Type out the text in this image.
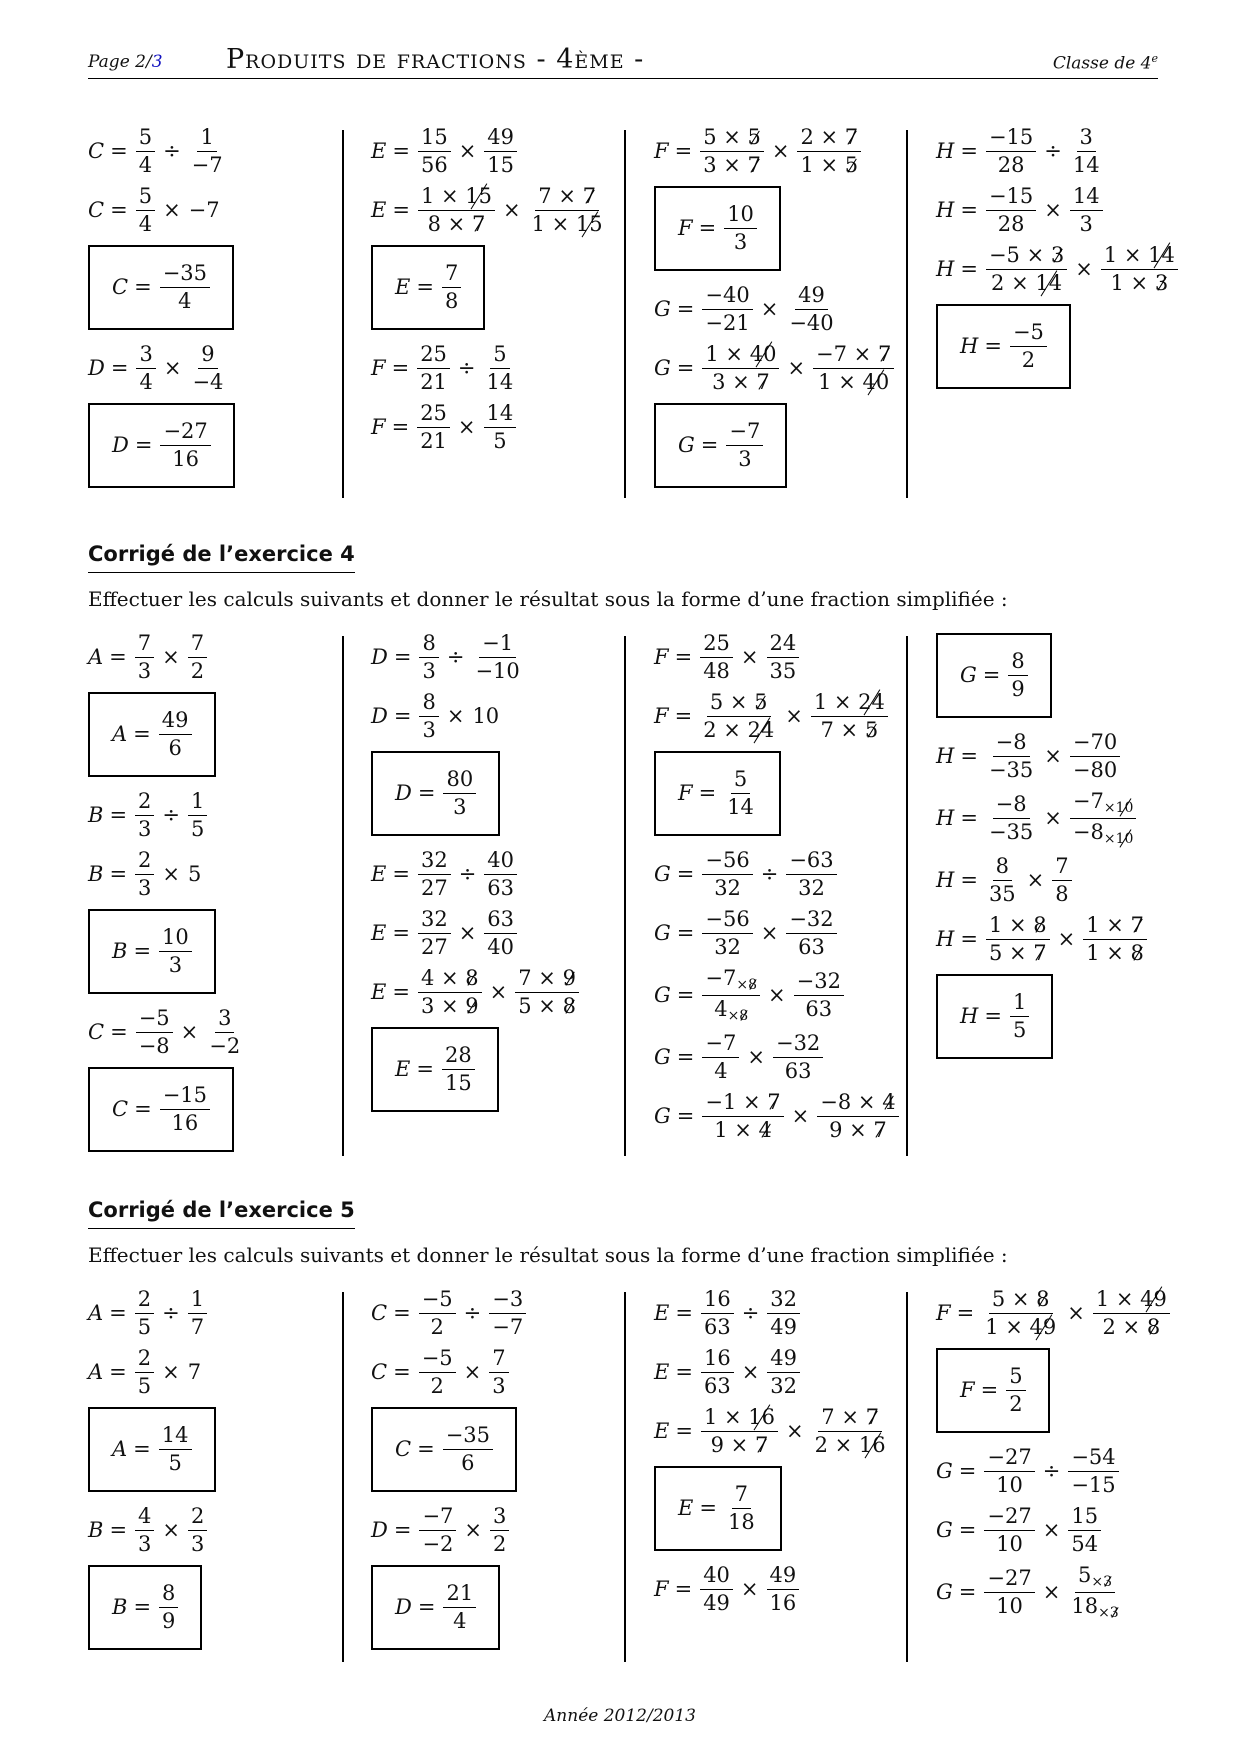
Page 2/3 Produits de fractions - 4ème -	Classe de 4e
$C = \frac{5}{4} \div \frac{1}{-7}$
$C = \frac{5}{4} \times -7$
$C = \frac{-35}{4}$
$D = \frac{3}{4} \times \frac{9}{-4}$
$D = \frac{-27}{16}$
$E = \frac{15}{56} \times \frac{49}{15}$
$E = \frac{1 \times 15}{8 \times 7} \times \frac{7 \times 7}{1 \times 15}$
$E = \frac{7}{8}$
$F = \frac{25}{21} \div \frac{5}{14}$
$F = \frac{25}{21} \times \frac{14}{5}$
$F = \frac{5 \times 5}{3 \times 7} \times \frac{2 \times 7}{1 \times 5}$
$F = \frac{10}{3}$
$G = \frac{-40}{-21} \times \frac{49}{-40}$
$G = \frac{1 \times 40}{3 \times 7} \times \frac{-7 \times 7}{1 \times 40}$
$G = \frac{-7}{3}$
$H = \frac{-15}{28} \div \frac{3}{14}$
$H = \frac{-15}{28} \times \frac{14}{3}$
$H = \frac{-5 \times 3}{2 \times 14} \times \frac{1 \times 14}{1 \times 3}$
$H = \frac{-5}{2}$
Corrigé de l’exercice 4
Effectuer les calculs suivants et donner le résultat sous la forme d’une fraction simplifiée :
$A = \frac{7}{3} \times \frac{7}{2}$
$A = \frac{49}{6}$
$B = \frac{2}{3} \div \frac{1}{5}$
$B = \frac{2}{3} \times 5$
$B = \frac{10}{3}$
$C = \frac{-5}{-8} \times \frac{3}{-2}$
$C = \frac{-15}{16}$
$D = \frac{8}{3} \div \frac{-1}{-10}$
$D = \frac{8}{3} \times 10$
$D = \frac{80}{3}$
$E = \frac{32}{27} \div \frac{40}{63}$
$E = \frac{32}{27} \times \frac{63}{40}$
$E = \frac{4 \times 8}{3 \times 9} \times \frac{7 \times 9}{5 \times 8}$
$E = \frac{28}{15}$
$F = \frac{25}{48} \times \frac{24}{35}$
$F = \frac{5 \times 5}{2 \times 24} \times \frac{1 \times 24}{7 \times 5}$
$F = \frac{5}{14}$
$G = \frac{-56}{32} \div \frac{-63}{32}$
$G = \frac{-56}{32} \times \frac{-32}{63}$
$G = \frac{-7_\times 8}{4_\times 8} \times \frac{-32}{63}$
$G = \frac{-7}{4} \times \frac{-32}{63}$
$G = \frac{-1 \times 7}{1 \times 4} \times \frac{-8 \times 4}{9 \times 7}$
$G = \frac{8}{9}$
$H = \frac{-8}{-35} \times \frac{-70}{-80}$
$H = \frac{-8}{-35} \times \frac{-7_\times 10}{-8_\times 10}$
$H = \frac{8}{35} \times \frac{7}{8}$
$H = \frac{1 \times 8}{5 \times 7} \times \frac{1 \times 7}{1 \times 8}$
$H = \frac{1}{5}$
Corrigé de l’exercice 5
Effectuer les calculs suivants et donner le résultat sous la forme d’une fraction simplifiée :
$A = \frac{2}{5} \div \frac{1}{7}$
$A = \frac{2}{5} \times 7$
$A = \frac{14}{5}$
$B = \frac{4}{3} \times \frac{2}{3}$
$B = \frac{8}{9}$
$C = \frac{-5}{2} \div \frac{-3}{-7}$
$C = \frac{-5}{2} \times \frac{7}{3}$
$C = \frac{-35}{6}$
$D = \frac{-7}{-2} \times \frac{3}{2}$
$D = \frac{21}{4}$
$E = \frac{16}{63} \div \frac{32}{49}$
$E = \frac{16}{63} \times \frac{49}{32}$
$E = \frac{1 \times 16}{9 \times 7} \times \frac{7 \times 7}{2 \times 16}$
$E = \frac{7}{18}$
$F = \frac{40}{49} \times \frac{49}{16}$
$F = \frac{5 \times 8}{1 \times 49} \times \frac{1 \times 49}{2 \times 8}$
$F = \frac{5}{2}$
$G = \frac{-27}{10} \div \frac{-54}{-15}$
$G = \frac{-27}{10} \times \frac{15}{54}$
$G = \frac{-27}{10} \times \frac{5_\times 3}{18_\times 3}$
Année 2012/2013
